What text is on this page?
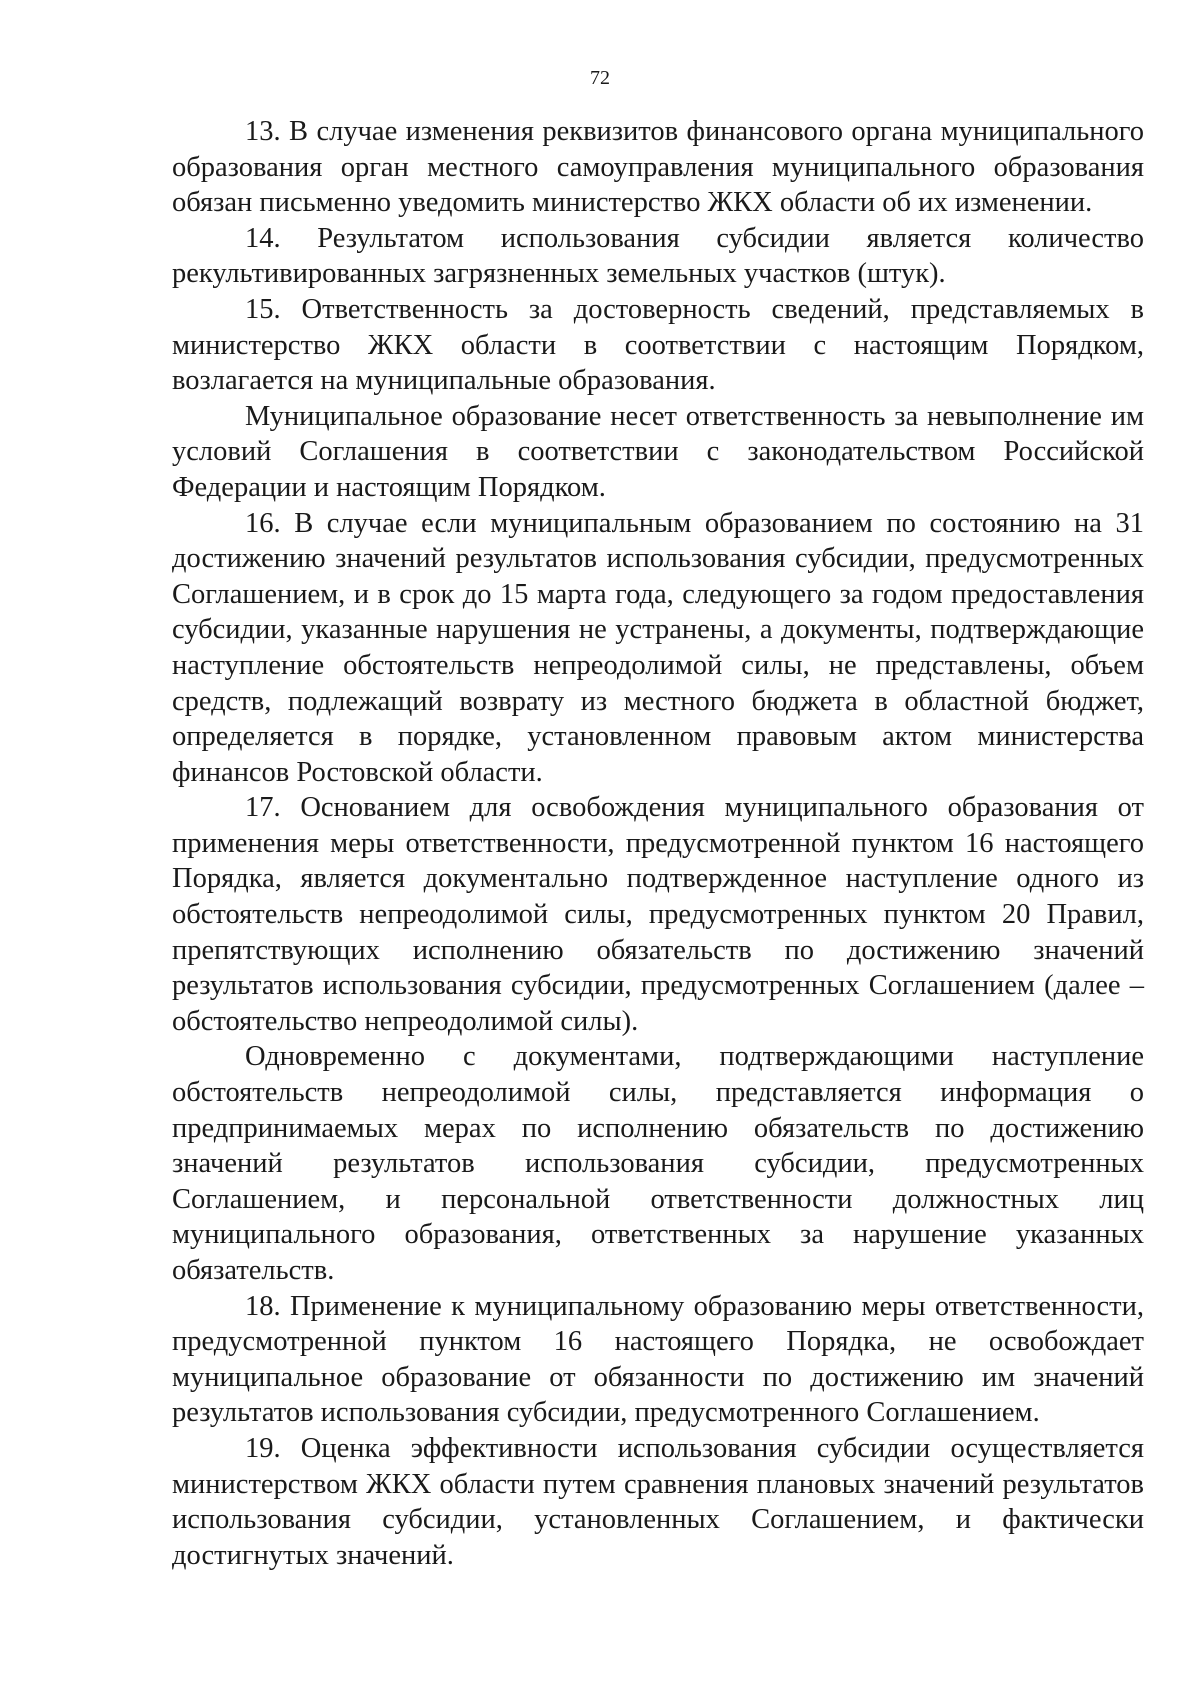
72

13. В случае изменения реквизитов финансового органа муниципального образования орган местного самоуправления муниципального образования обязан письменно уведомить министерство ЖКХ области об их изменении.

14. Результатом использования субсидии является количество рекультивированных загрязненных земельных участков (штук).

15. Ответственность за достоверность сведений, представляемых в министерство ЖКХ области в соответствии с настоящим Порядком, возлагается на муниципальные образования.

Муниципальное образование несет ответственность за невыполнение им условий Соглашения в соответствии с законодательством Российской Федерации и настоящим Порядком.

16. В случае если муниципальным образованием по состоянию на 31 достижению значений результатов использования субсидии, предусмотренных Соглашением, и в срок до 15 марта года, следующего за годом предоставления субсидии, указанные нарушения не устранены, а документы, подтверждающие наступление обстоятельств непреодолимой силы, не представлены, объем средств, подлежащий возврату из местного бюджета в областной бюджет, определяется в порядке, установленном правовым актом министерства финансов Ростовской области.

17. Основанием для освобождения муниципального образования от применения меры ответственности, предусмотренной пунктом 16 настоящего Порядка, является документально подтвержденное наступление одного из обстоятельств непреодолимой силы, предусмотренных пунктом 20 Правил, препятствующих исполнению обязательств по достижению значений результатов использования субсидии, предусмотренных Соглашением (далее – обстоятельство непреодолимой силы).

Одновременно с документами, подтверждающими наступление обстоятельств непреодолимой силы, представляется информация о предпринимаемых мерах по исполнению обязательств по достижению значений результатов использования субсидии, предусмотренных Соглашением, и персональной ответственности должностных лиц муниципального образования, ответственных за нарушение указанных обязательств.

18. Применение к муниципальному образованию меры ответственности, предусмотренной пунктом 16 настоящего Порядка, не освобождает муниципальное образование от обязанности по достижению им значений результатов использования субсидии, предусмотренного Соглашением.

19. Оценка эффективности использования субсидии осуществляется министерством ЖКХ области путем сравнения плановых значений результатов использования субсидии, установленных Соглашением, и фактически достигнутых значений.
